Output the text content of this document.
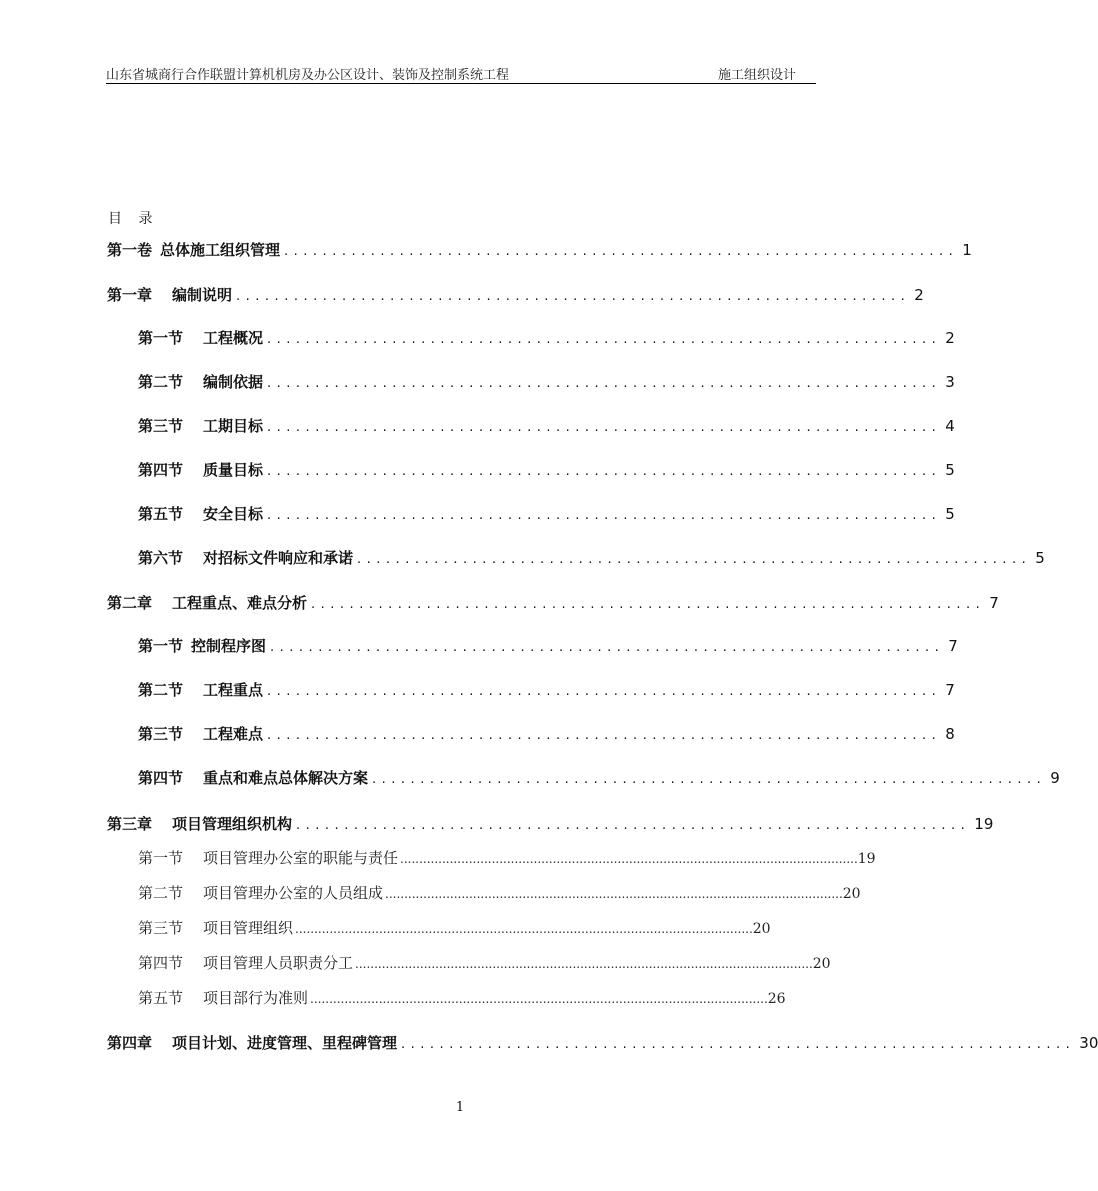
山东省城商行合作联盟计算机机房及办公区设计、装饰及控制系统工程	施工组织设计
目 录
第一卷 总体施工组织管理 ...................................................................... 1
第一章 编制说明 ...................................................................... 2
第一节 工程概况 ...................................................................... 2
第二节 编制依据 ...................................................................... 3
第三节 工期目标 ...................................................................... 4
第四节 质量目标 ...................................................................... 5
第五节 安全目标 ...................................................................... 5
第六节 对招标文件响应和承诺 ...................................................................... 5
第二章 工程重点、难点分析 ...................................................................... 7
第一节 控制程序图 ...................................................................... 7
第二节 工程重点 ...................................................................... 7
第三节 工程难点 ...................................................................... 8
第四节 重点和难点总体解决方案 ...................................................................... 9
第三章 项目管理组织机构 ...................................................................... 19
第一节 项目管理办公室的职能与责任 ........................................................................................................................ 19
第二节 项目管理办公室的人员组成 ........................................................................................................................ 20
第三节 项目管理组织 ........................................................................................................................ 20
第四节 项目管理人员职责分工 ........................................................................................................................ 20
第五节 项目部行为准则 ........................................................................................................................ 26
第四章 项目计划、进度管理、里程碑管理 ...................................................................... 30
1
